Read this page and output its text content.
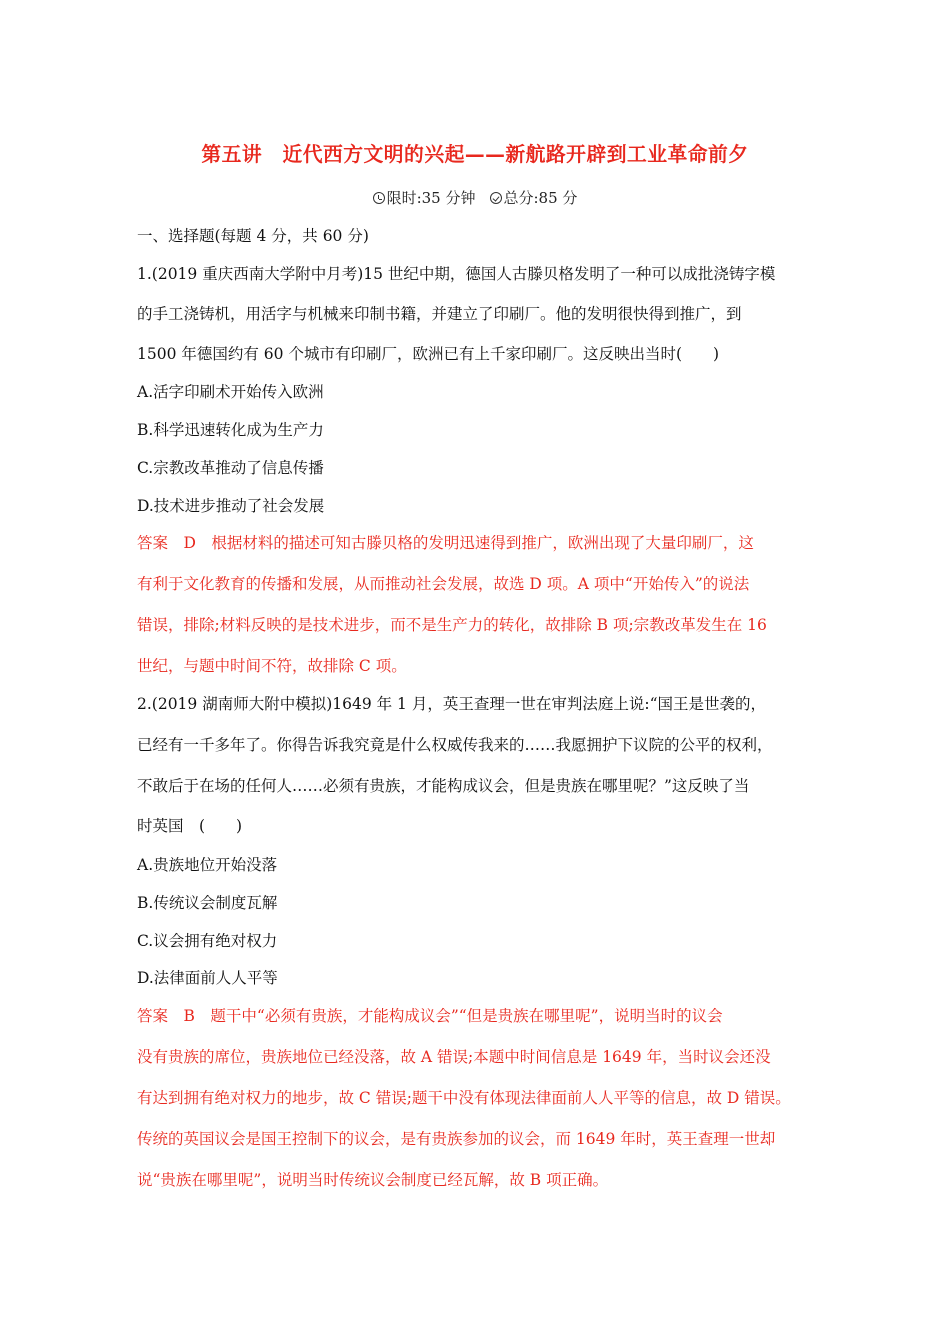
第五讲　近代西方文明的兴起——新航路开辟到工业革命前夕
限时:35 分钟 总分:85 分
一、选择题(每题 4 分，共 60 分)
1.(2019 重庆西南大学附中月考)15 世纪中期，德国人古滕贝格发明了一种可以成批浇铸字模
的手工浇铸机，用活字与机械来印制书籍，并建立了印刷厂。他的发明很快得到推广，到
1500 年德国约有 60 个城市有印刷厂，欧洲已有上千家印刷厂。这反映出当时(　　)
A.活字印刷术开始传入欧洲
B.科学迅速转化成为生产力
C.宗教改革推动了信息传播
D.技术进步推动了社会发展
答案　D　根据材料的描述可知古滕贝格的发明迅速得到推广，欧洲出现了大量印刷厂，这
有利于文化教育的传播和发展，从而推动社会发展，故选 D 项。A 项中“开始传入”的说法
错误，排除;材料反映的是技术进步，而不是生产力的转化，故排除 B 项;宗教改革发生在 16
世纪，与题中时间不符，故排除 C 项。
2.(2019 湖南师大附中模拟)1649 年 1 月，英王查理一世在审判法庭上说:“国王是世袭的，
已经有一千多年了。你得告诉我究竟是什么权威传我来的……我愿拥护下议院的公平的权利，
不敢后于在场的任何人……必须有贵族，才能构成议会，但是贵族在哪里呢？”这反映了当
时英国　(　　)
A.贵族地位开始没落
B.传统议会制度瓦解
C.议会拥有绝对权力
D.法律面前人人平等
答案　B　题干中“必须有贵族，才能构成议会”“但是贵族在哪里呢”，说明当时的议会
没有贵族的席位，贵族地位已经没落，故 A 错误;本题中时间信息是 1649 年，当时议会还没
有达到拥有绝对权力的地步，故 C 错误;题干中没有体现法律面前人人平等的信息，故 D 错误。
传统的英国议会是国王控制下的议会，是有贵族参加的议会，而 1649 年时，英王查理一世却
说“贵族在哪里呢”，说明当时传统议会制度已经瓦解，故 B 项正确。
